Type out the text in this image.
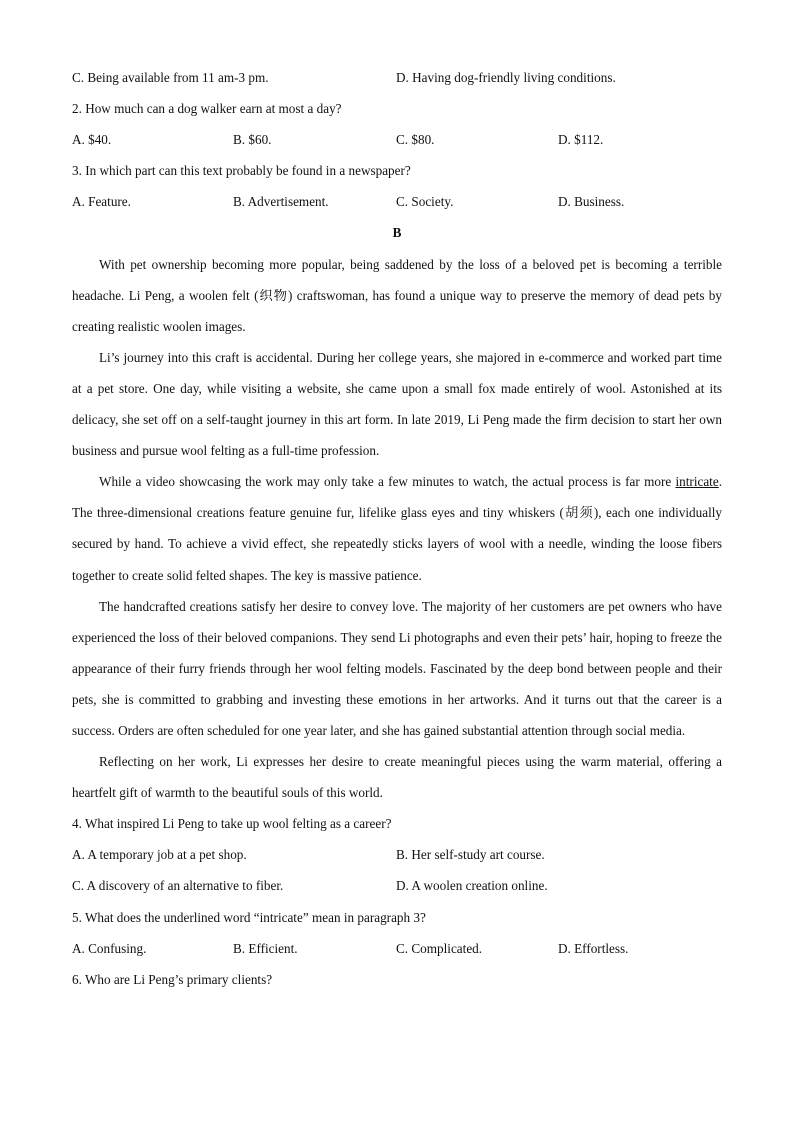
C. Being available from 11 am-3 pm.	D. Having dog-friendly living conditions.
2. How much can a dog walker earn at most a day?
A. $40.	B. $60.	C. $80.	D. $112.
3. In which part can this text probably be found in a newspaper?
A. Feature.	B. Advertisement.	C. Society.	D. Business.
B

With pet ownership becoming more popular, being saddened by the loss of a beloved pet is becoming a terrible headache. Li Peng, a woolen felt (织物) craftswoman, has found a unique way to preserve the memory of dead pets by creating realistic woolen images.

Li’s journey into this craft is accidental. During her college years, she majored in e-commerce and worked part time at a pet store. One day, while visiting a website, she came upon a small fox made entirely of wool. Astonished at its delicacy, she set off on a self-taught journey in this art form. In late 2019, Li Peng made the firm decision to start her own business and pursue wool felting as a full-time profession.

While a video showcasing the work may only take a few minutes to watch, the actual process is far more intricate. The three-dimensional creations feature genuine fur, lifelike glass eyes and tiny whiskers (胡须), each one individually secured by hand. To achieve a vivid effect, she repeatedly sticks layers of wool with a needle, winding the loose fibers together to create solid felted shapes. The key is massive patience.

The handcrafted creations satisfy her desire to convey love. The majority of her customers are pet owners who have experienced the loss of their beloved companions. They send Li photographs and even their pets’ hair, hoping to freeze the appearance of their furry friends through her wool felting models. Fascinated by the deep bond between people and their pets, she is committed to grabbing and investing these emotions in her artworks. And it turns out that the career is a success. Orders are often scheduled for one year later, and she has gained substantial attention through social media.

Reflecting on her work, Li expresses her desire to create meaningful pieces using the warm material, offering a heartfelt gift of warmth to the beautiful souls of this world.

4. What inspired Li Peng to take up wool felting as a career?
A. A temporary job at a pet shop.	B. Her self-study art course.
C. A discovery of an alternative to fiber.	D. A woolen creation online.
5. What does the underlined word “intricate” mean in paragraph 3?
A. Confusing.	B. Efficient.	C. Complicated.	D. Effortless.
6. Who are Li Peng’s primary clients?
